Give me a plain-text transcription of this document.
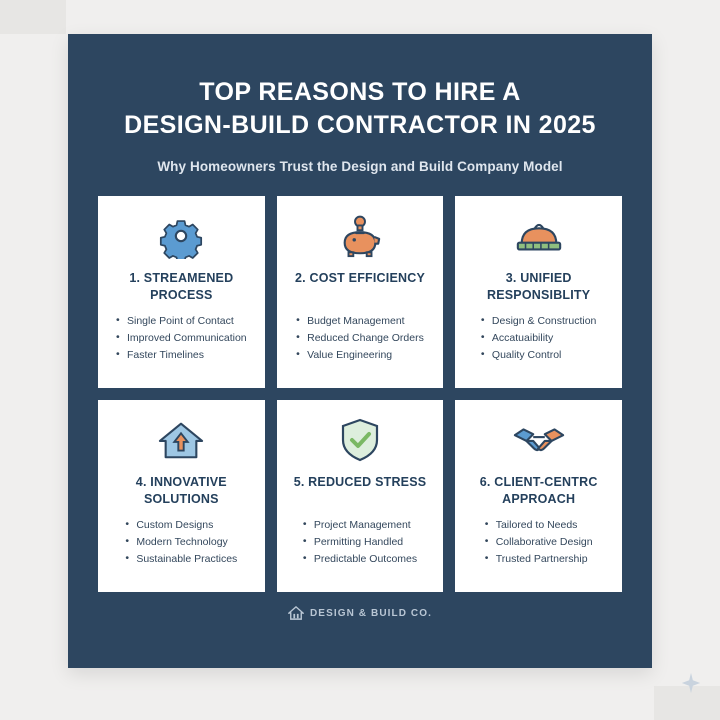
TOP REASONS TO HIRE A
DESIGN-BUILD CONTRACTOR IN 2025

Why Homeowners Trust the Design and Build Company Model

1. STREAMENED PROCESS
• Single Point of Contact
• Improved Communication
• Faster Timelines
2. COST EFFICIENCY
• Budget Management
• Reduced Change Orders
• Value Engineering
3. UNIFIED RESPONSIBLITY
• Design & Construction
• Accatuaibility
• Quality Control
4. INNOVATIVE SOLUTIONS
• Custom Designs
• Modern Technology
• Sustainable Practices
5. REDUCED STRESS
• Project Management
• Permitting Handled
• Predictable Outcomes
6. CLIENT-CENTRC APPROACH
• Tailored to Needs
• Collaborative Design
• Trusted Partnership
DESIGN & BUILD CO.
